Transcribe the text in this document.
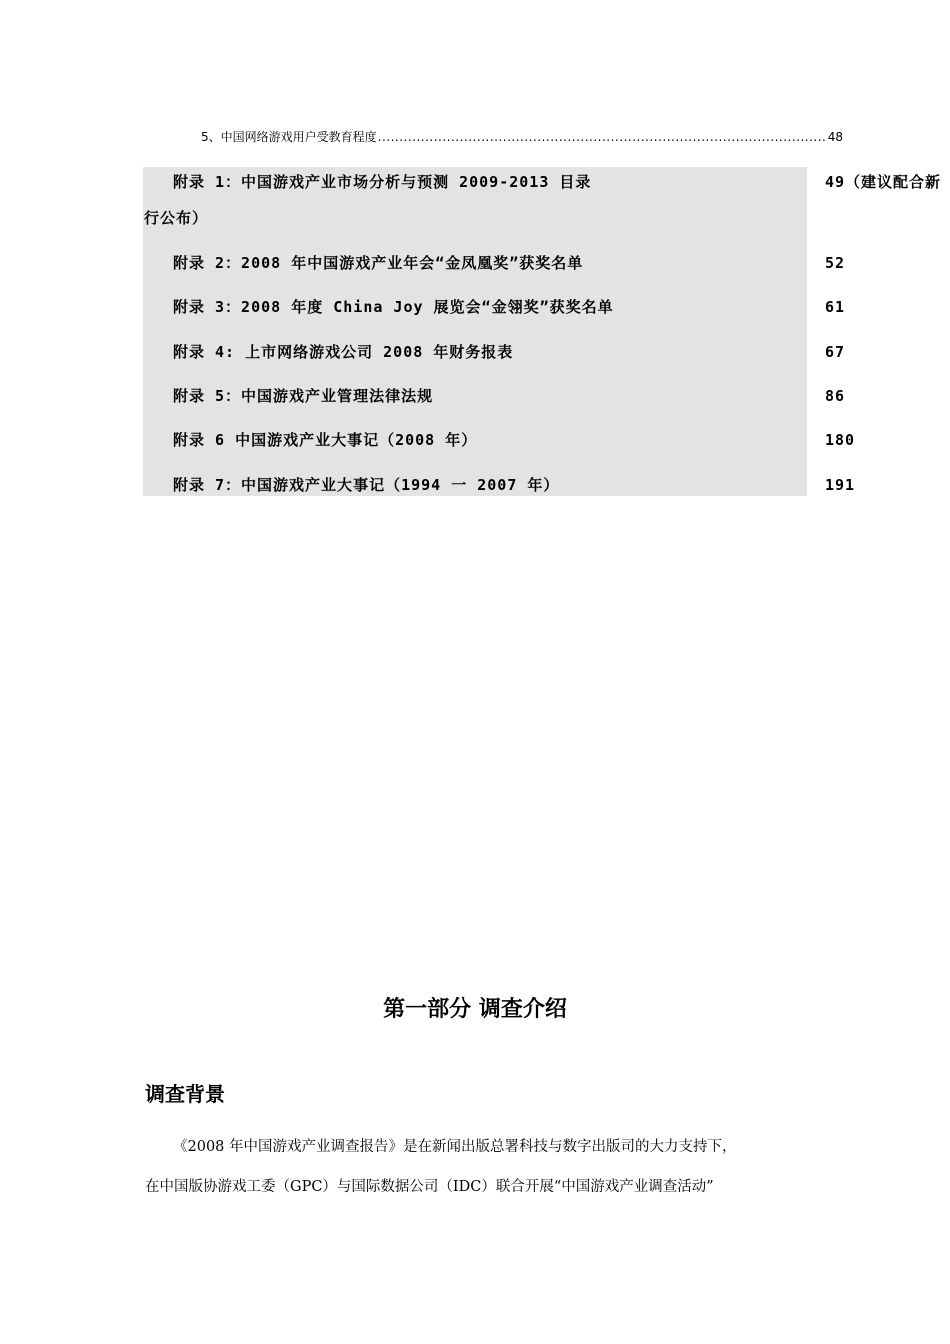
5、中国网络游戏用户受教育程度 .....	48
附录 1：中国游戏产业市场分析与预测 2009-2013 目录	49（建议配合新
行公布）
附录 2：2008 年中国游戏产业年会“金凤凰奖”获奖名单	52
附录 3：2008 年度 China Joy 展览会“金翎奖”获奖名单	61
附录 4: 上市网络游戏公司 2008 年财务报表	67
附录 5：中国游戏产业管理法律法规	86
附录 6 中国游戏产业大事记（2008 年）	180
附录 7：中国游戏产业大事记（1994 一 2007 年）	191
第一部分 调查介绍
调查背景
《2008 年中国游戏产业调查报告》是在新闻出版总署科技与数字出版司的大力支持下，
在中国版协游戏工委（GPC）与国际数据公司（IDC）联合开展“中国游戏产业调查活动”
